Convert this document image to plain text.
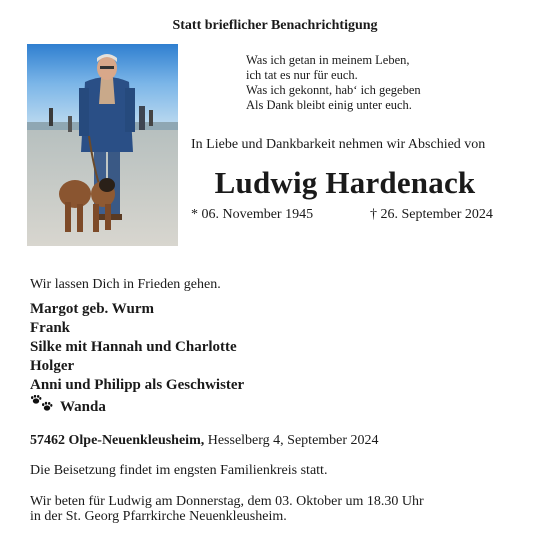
Statt brieflicher Benachrichtigung
Was ich getan in meinem Leben,
ich tat es nur für euch.
Was ich gekonnt, hab‘ ich gegeben
Als Dank bleibt einig unter euch.
In Liebe und Dankbarkeit nehmen wir Abschied von
Ludwig Hardenack
* 06. November 1945	† 26. September 2024
Wir lassen Dich in Frieden gehen.
Margot geb. Wurm
Frank
Silke mit Hannah und Charlotte
Holger
Anni und Philipp als Geschwister
Wanda
57462 Olpe-Neuenkleusheim, Hesselberg 4, September 2024
Die Beisetzung findet im engsten Familienkreis statt.
Wir beten für Ludwig am Donnerstag, dem 03. Oktober um 18.30 Uhr
in der St. Georg Pfarrkirche Neuenkleusheim.
